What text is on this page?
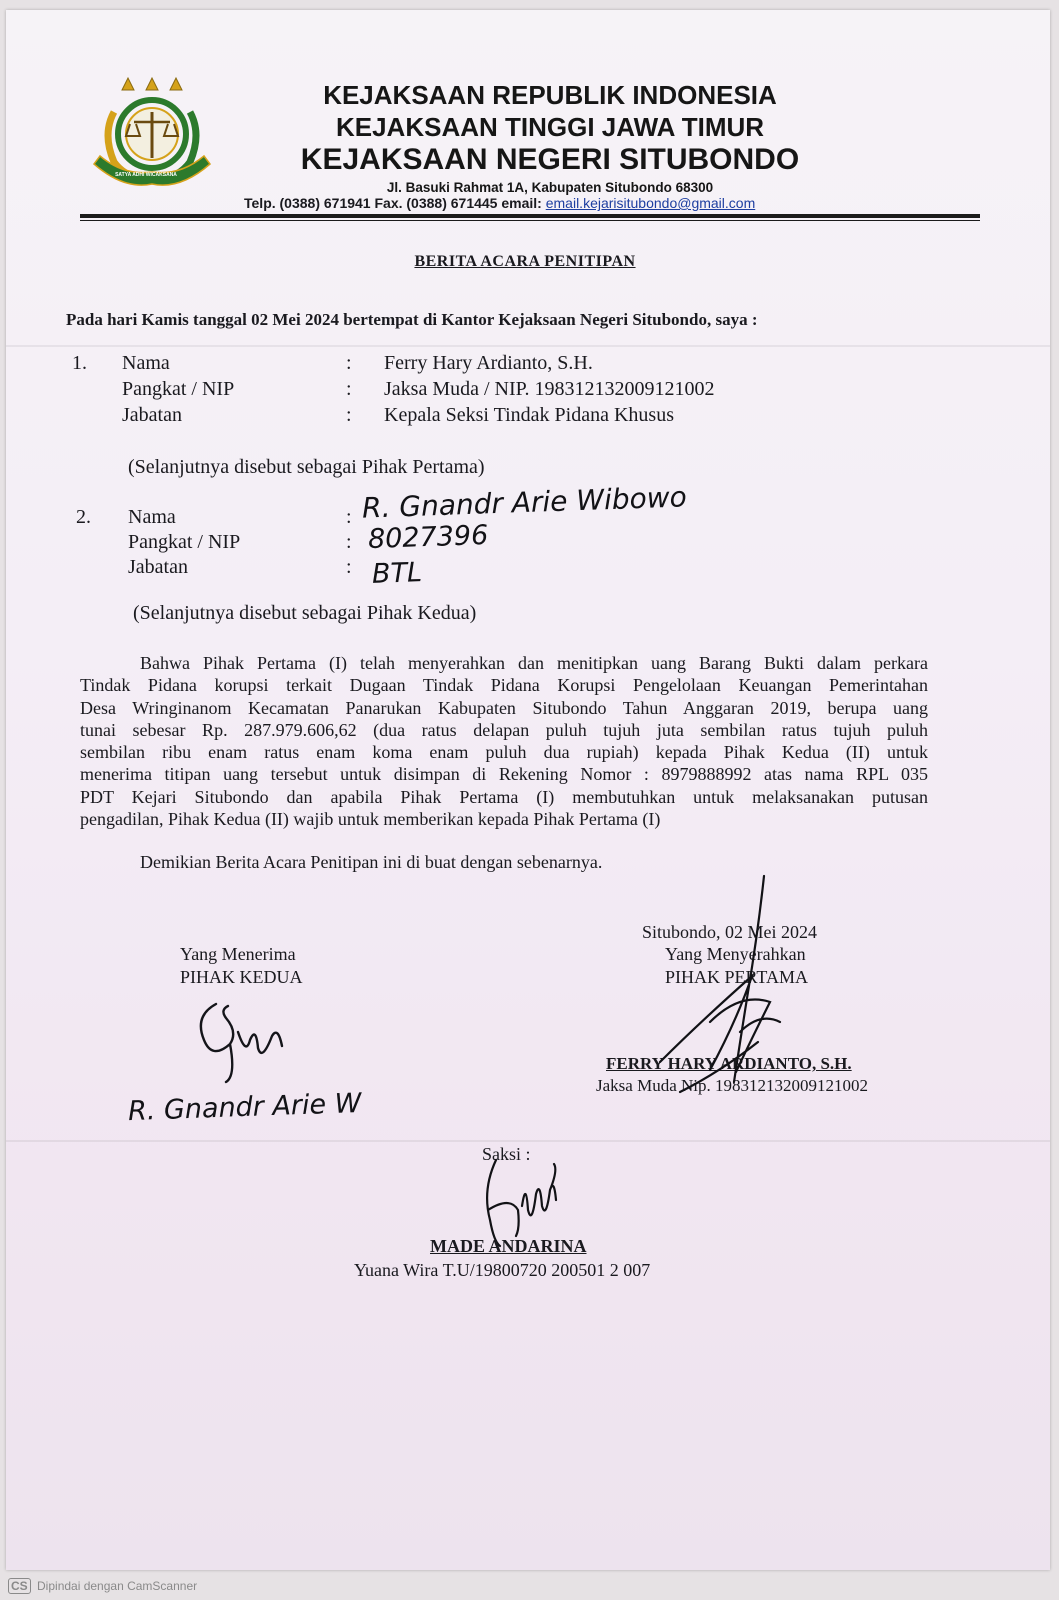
SATYA ADHI WICAKSANA
KEJAKSAAN REPUBLIK INDONESIA
KEJAKSAAN TINGGI JAWA TIMUR
KEJAKSAAN NEGERI SITUBONDO
Jl. Basuki Rahmat 1A, Kabupaten Situbondo 68300
Telp. (0388) 671941 Fax. (0388) 671445 email: email.kejarisitubondo@gmail.com
BERITA ACARA PENITIPAN
Pada hari Kamis tanggal 02 Mei 2024 bertempat di Kantor Kejaksaan Negeri Situbondo, saya :
1. Nama
Pangkat / NIP
Jabatan
:
:
:
Ferry Hary Ardianto, S.H.
Jaksa Muda / NIP. 198312132009121002
Kepala Seksi Tindak Pidana Khusus
(Selanjutnya disebut sebagai Pihak Pertama)
2. Nama
Pangkat / NIP
Jabatan
:
:
:
R. Gnandr Arie Wibowo
8027396
BTL
(Selanjutnya disebut sebagai Pihak Kedua)
Bahwa Pihak Pertama (I) telah menyerahkan dan menitipkan uang Barang Bukti dalam perkara
Tindak Pidana korupsi terkait Dugaan Tindak Pidana Korupsi Pengelolaan Keuangan Pemerintahan
Desa Wringinanom Kecamatan Panarukan Kabupaten Situbondo Tahun Anggaran 2019, berupa uang
tunai sebesar Rp. 287.979.606,62 (dua ratus delapan puluh tujuh juta sembilan ratus tujuh puluh
sembilan ribu enam ratus enam koma enam puluh dua rupiah) kepada Pihak Kedua (II) untuk
menerima titipan uang tersebut untuk disimpan di Rekening Nomor : 8979888992 atas nama RPL 035
PDT Kejari Situbondo dan apabila Pihak Pertama (I) membutuhkan untuk melaksanakan putusan
pengadilan, Pihak Kedua (II) wajib untuk memberikan kepada Pihak Pertama (I)
Demikian Berita Acara Penitipan ini di buat dengan sebenarnya.
Yang Menerima
PIHAK KEDUA
R. Gnandr Arie W
Situbondo, 02 Mei 2024
Yang Menyerahkan
PIHAK PERTAMA
FERRY HARY ARDIANTO, S.H.
Jaksa Muda Nip. 198312132009121002
Saksi :
MADE ANDARINA
Yuana Wira T.U/19800720 200501 2 007
CS Dipindai dengan CamScanner
